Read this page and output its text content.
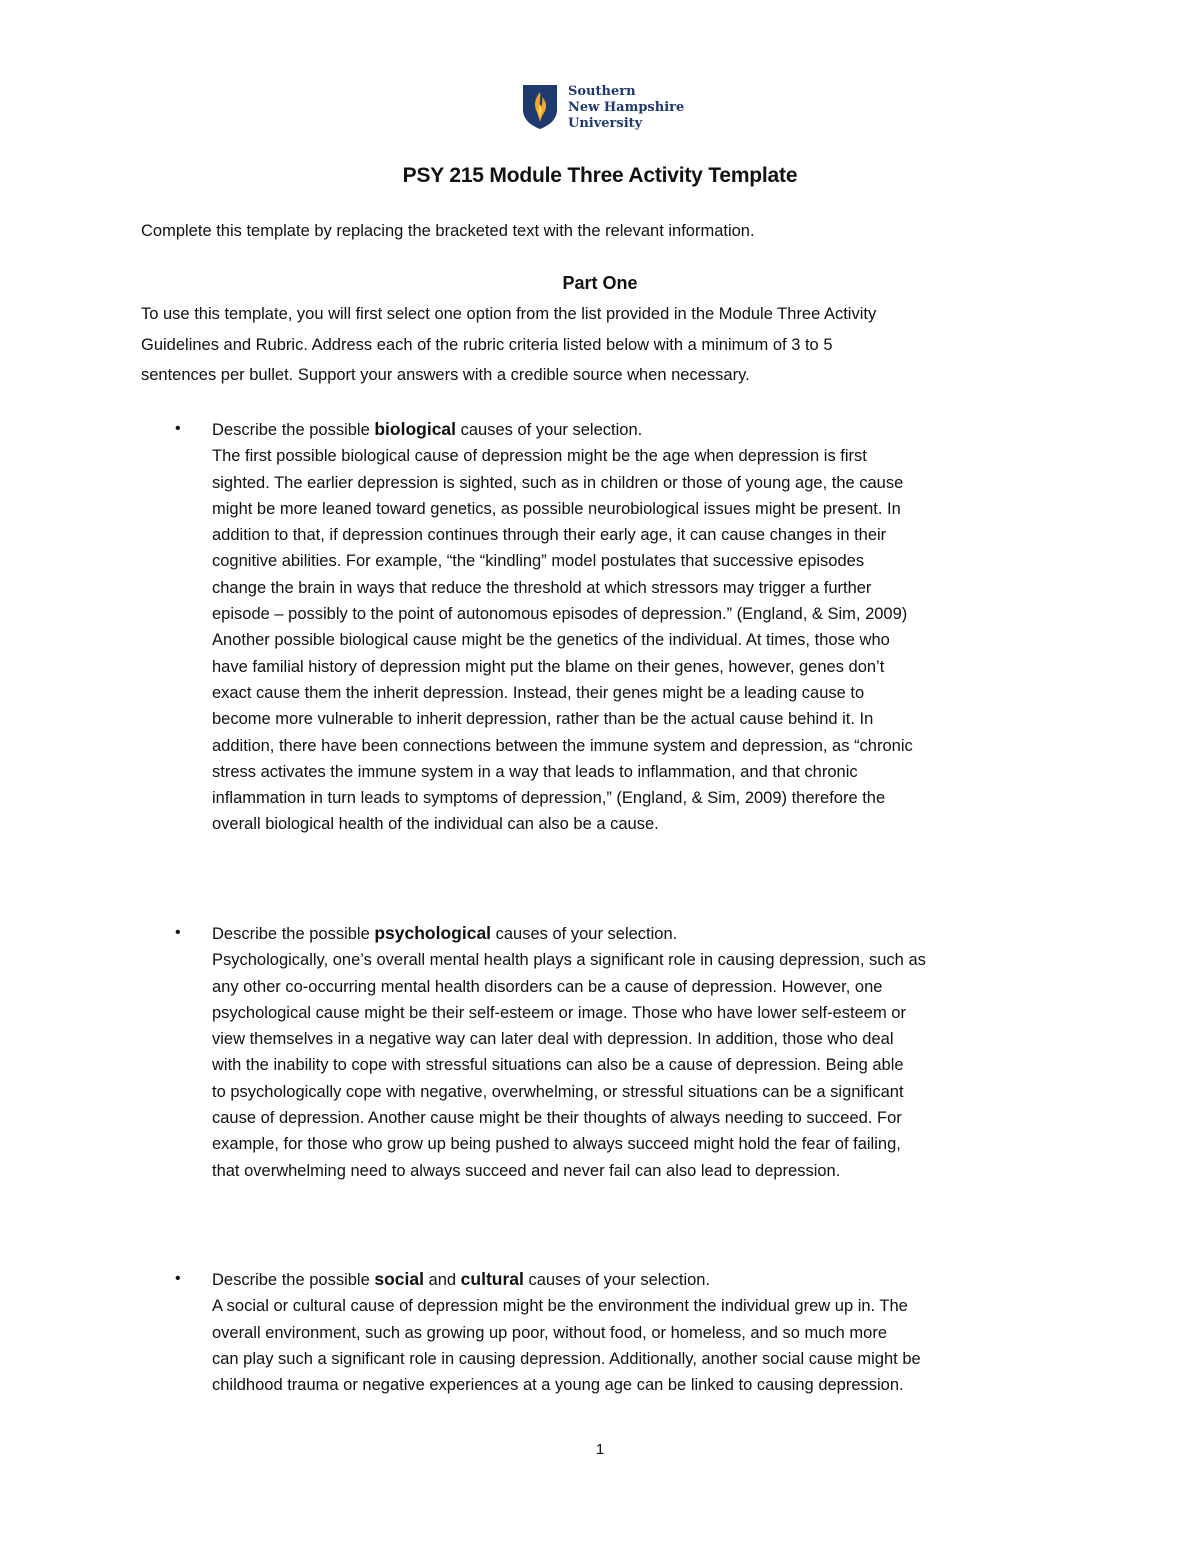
Southern
New Hampshire
University
PSY 215 Module Three Activity Template
Complete this template by replacing the bracketed text with the relevant information.
Part One
To use this template, you will first select one option from the list provided in the Module Three Activity
Guidelines and Rubric. Address each of the rubric criteria listed below with a minimum of 3 to 5
sentences per bullet. Support your answers with a credible source when necessary.
• Describe the possible biological causes of your selection.
The first possible biological cause of depression might be the age when depression is first
sighted. The earlier depression is sighted, such as in children or those of young age, the cause
might be more leaned toward genetics, as possible neurobiological issues might be present. In
addition to that, if depression continues through their early age, it can cause changes in their
cognitive abilities. For example, “the “kindling” model postulates that successive episodes
change the brain in ways that reduce the threshold at which stressors may trigger a further
episode – possibly to the point of autonomous episodes of depression.” (England, & Sim, 2009)
Another possible biological cause might be the genetics of the individual. At times, those who
have familial history of depression might put the blame on their genes, however, genes don’t
exact cause them the inherit depression. Instead, their genes might be a leading cause to
become more vulnerable to inherit depression, rather than be the actual cause behind it. In
addition, there have been connections between the immune system and depression, as “chronic
stress activates the immune system in a way that leads to inflammation, and that chronic
inflammation in turn leads to symptoms of depression,” (England, & Sim, 2009) therefore the
overall biological health of the individual can also be a cause.
• Describe the possible psychological causes of your selection.
Psychologically, one’s overall mental health plays a significant role in causing depression, such as
any other co-occurring mental health disorders can be a cause of depression. However, one
psychological cause might be their self-esteem or image. Those who have lower self-esteem or
view themselves in a negative way can later deal with depression. In addition, those who deal
with the inability to cope with stressful situations can also be a cause of depression. Being able
to psychologically cope with negative, overwhelming, or stressful situations can be a significant
cause of depression. Another cause might be their thoughts of always needing to succeed. For
example, for those who grow up being pushed to always succeed might hold the fear of failing,
that overwhelming need to always succeed and never fail can also lead to depression.
• Describe the possible social and cultural causes of your selection.
A social or cultural cause of depression might be the environment the individual grew up in. The
overall environment, such as growing up poor, without food, or homeless, and so much more
can play such a significant role in causing depression. Additionally, another social cause might be
childhood trauma or negative experiences at a young age can be linked to causing depression.
1
